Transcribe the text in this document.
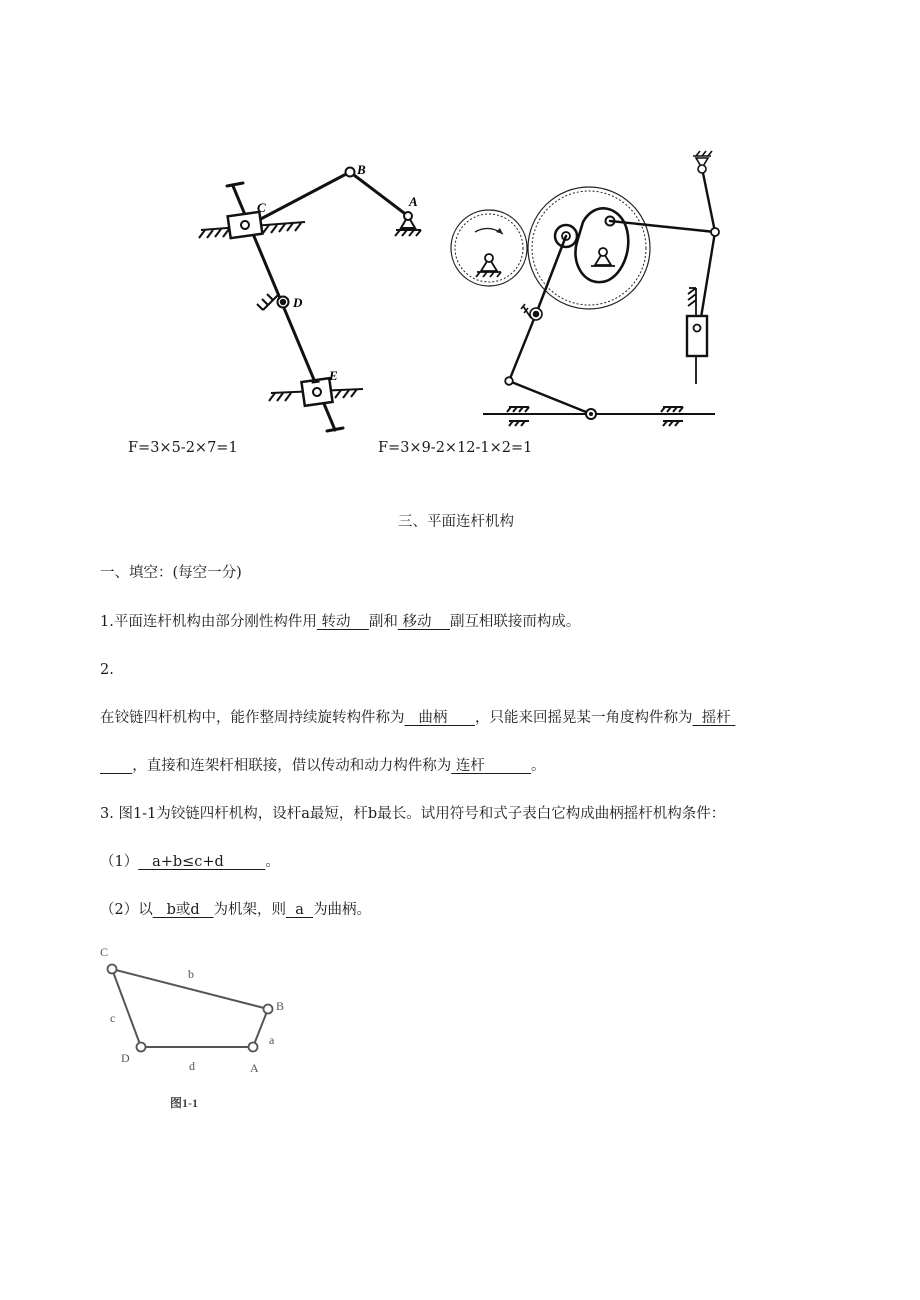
C
B
A
D
E
F=3×5-2×7=1	F=3×9-2×12-1×2=1
三、平面连杆机构
一、填空：(每空一分)
1.平面连杆机构由部分刚性构件用 转动 副和 移动 副互相联接而构成。
2.
在铰链四杆机构中，能作整周持续旋转构件称为 曲柄 ，只能来回摇晃某一角度构件称为 摇杆
，直接和连架杆相联接，借以传动和动力构件称为 连杆	。
3. 图1-1为铰链四杆机构，设杆a最短，杆b最长。试用符号和式子表白它构成曲柄摇杆机构条件：
（1） a+b≤c+d	。
（2）以 b或d 为机架，则 a 为曲柄。
C
B
D
A
b
c
d
a
图1-1
